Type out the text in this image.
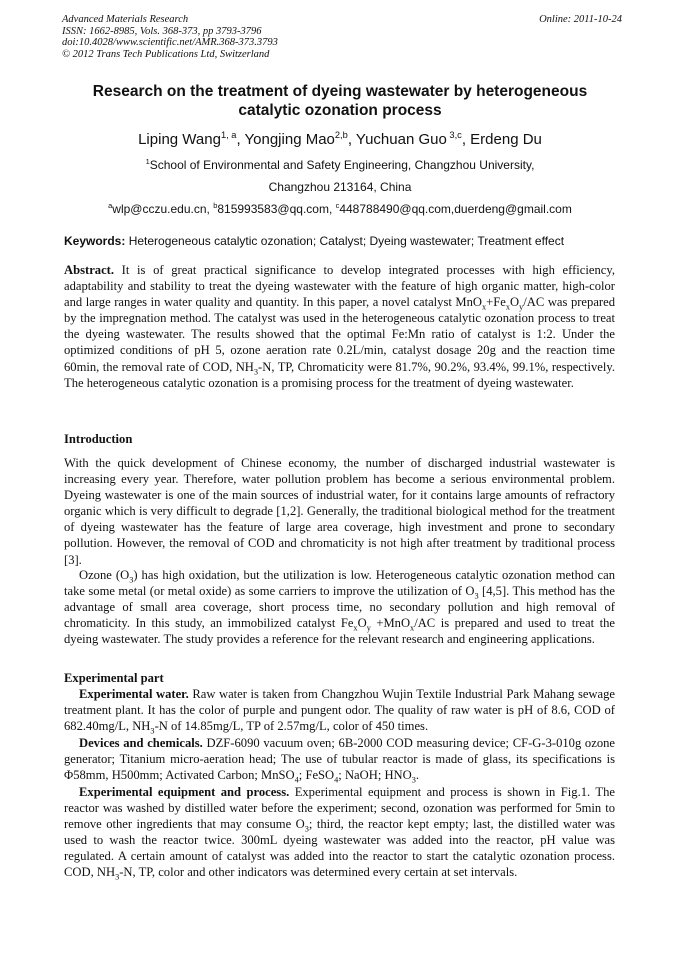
Advanced Materials Research
ISSN: 1662-8985, Vols. 368-373, pp 3793-3796
doi:10.4028/www.scientific.net/AMR.368-373.3793
© 2012 Trans Tech Publications Ltd, Switzerland
Online: 2011-10-24
Research on the treatment of dyeing wastewater by heterogeneous
catalytic ozonation process
Liping Wang$^{1, a}$, Yongjing Mao$^{2,b}$, Yuchuan Guo $^{3,c}$, Erdeng Du
$^1$School of Environmental and Safety Engineering, Changzhou University,
Changzhou 213164, China
$^a$wlp@cczu.edu.cn, $^b$815993583@qq.com, $^c$448788490@qq.com,duerdeng@gmail.com
Keywords: Heterogeneous catalytic ozonation; Catalyst; Dyeing wastewater; Treatment effect
Abstract. It is of great practical significance to develop integrated processes with high efficiency, adaptability and stability to treat the dyeing wastewater with the feature of high organic matter, high-color and large ranges in water quality and quantity. In this paper, a novel catalyst $MnO_x+Fe_xO_y/AC$ was prepared by the impregnation method. The catalyst was used in the heterogeneous catalytic ozonation process to treat the dyeing wastewater. The results showed that the optimal Fe:Mn ratio of catalyst is 1:2. Under the optimized conditions of pH 5, ozone aeration rate 0.2L/min, catalyst dosage 20g and the reaction time 60min, the removal rate of COD, $NH_3-N$, TP, Chromaticity were 81.7%, 90.2%, 93.4%, 99.1%, respectively. The heterogeneous catalytic ozonation is a promising process for the treatment of dyeing wastewater.
Introduction
With the quick development of Chinese economy, the number of discharged industrial wastewater is increasing every year. Therefore, water pollution problem has become a serious environmental problem. Dyeing wastewater is one of the main sources of industrial water, for it contains large amounts of refractory organic which is very difficult to degrade [1,2]. Generally, the traditional biological method for the treatment of dyeing wastewater has the feature of large area coverage, high investment and prone to secondary pollution. However, the removal of COD and chromaticity is not high after treatment by traditional process [3].
Ozone $(O_3)$ has high oxidation, but the utilization is low. Heterogeneous catalytic ozonation method can take some metal (or metal oxide) as some carriers to improve the utilization of $O_3$ [4,5]. This method has the advantage of small area coverage, short process time, no secondary pollution and high removal of chromaticity. In this study, an immobilized catalyst $Fe_xO_y +MnO_x/AC$ is prepared and used to treat the dyeing wastewater. The study provides a reference for the relevant research and engineering applications.
Experimental part
Experimental water. Raw water is taken from Changzhou Wujin Textile Industrial Park Mahang sewage treatment plant. It has the color of purple and pungent odor. The quality of raw water is pH of 8.6, COD of 682.40mg/L, $NH_3-N$ of 14.85mg/L, TP of 2.57mg/L, color of 450 times.
Devices and chemicals. DZF-6090 vacuum oven; 6B-2000 COD measuring device; CF-G-3-010g ozone generator; Titanium micro-aeration head; The use of tubular reactor is made of glass, its specifications is Φ58mm, H500mm; Activated Carbon; MnSO$_4$; FeSO$_4$; NaOH; $HNO_3$.
Experimental equipment and process. Experimental equipment and process is shown in Fig.1. The reactor was washed by distilled water before the experiment; second, ozonation was performed for 5min to remove other ingredients that may consume $O_3$; third, the reactor kept empty; last, the distilled water was used to wash the reactor twice. 300mL dyeing wastewater was added into the reactor, pH value was regulated. A certain amount of catalyst was added into the reactor to start the catalytic ozonation process. COD, $NH_3-N$, TP, color and other indicators was determined every certain at set intervals.
